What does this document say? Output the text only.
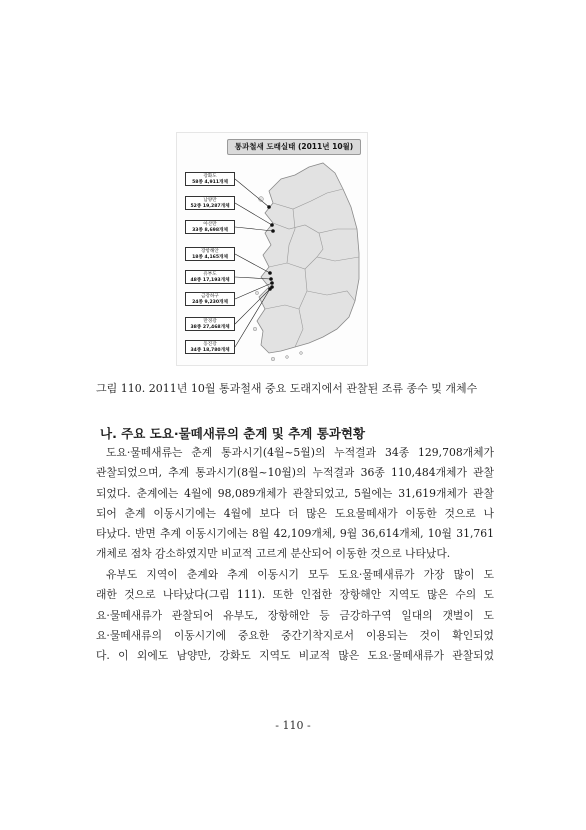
통과철새 도래실태 (2011년 10월)
강화도
58종 4,911개체
남양만
52종 19,287개체
아산만
33종 8,698개체
장항해안
18종 4,165개체
유부도
48종 17,193개체
금강하구
24종 9,230개체
만경강
38종 27,468개체
동진강
34종 18,780개체
그림 110. 2011년 10월 통과철새 중요 도래지에서 관찰된 조류 종수 및 개체수
나. 주요 도요·물떼새류의 춘계 및 추계 통과현황
도요·물떼새류는 춘계 통과시기(4월~5월)의 누적결과 34종 129,708개체가
관찰되었으며, 추계 통과시기(8월~10월)의 누적결과 36종 110,484개체가 관찰
되었다. 춘계에는 4월에 98,089개체가 관찰되었고, 5월에는 31,619개체가 관찰
되어 춘계 이동시기에는 4월에 보다 더 많은 도요물떼새가 이동한 것으로 나
타났다. 반면 추계 이동시기에는 8월 42,109개체, 9월 36,614개체, 10월 31,761
개체로 점차 감소하였지만 비교적 고르게 분산되어 이동한 것으로 나타났다.
유부도 지역이 춘계와 추계 이동시기 모두 도요·물떼새류가 가장 많이 도
래한 것으로 나타났다(그림 111). 또한 인접한 장항해안 지역도 많은 수의 도
요·물떼새류가 관찰되어 유부도, 장항해안 등 금강하구역 일대의 갯벌이 도
요·물떼새류의 이동시기에 중요한 중간기착지로서 이용되는 것이 확인되었
다. 이 외에도 남양만, 강화도 지역도 비교적 많은 도요·물떼새류가 관찰되었
- 110 -
